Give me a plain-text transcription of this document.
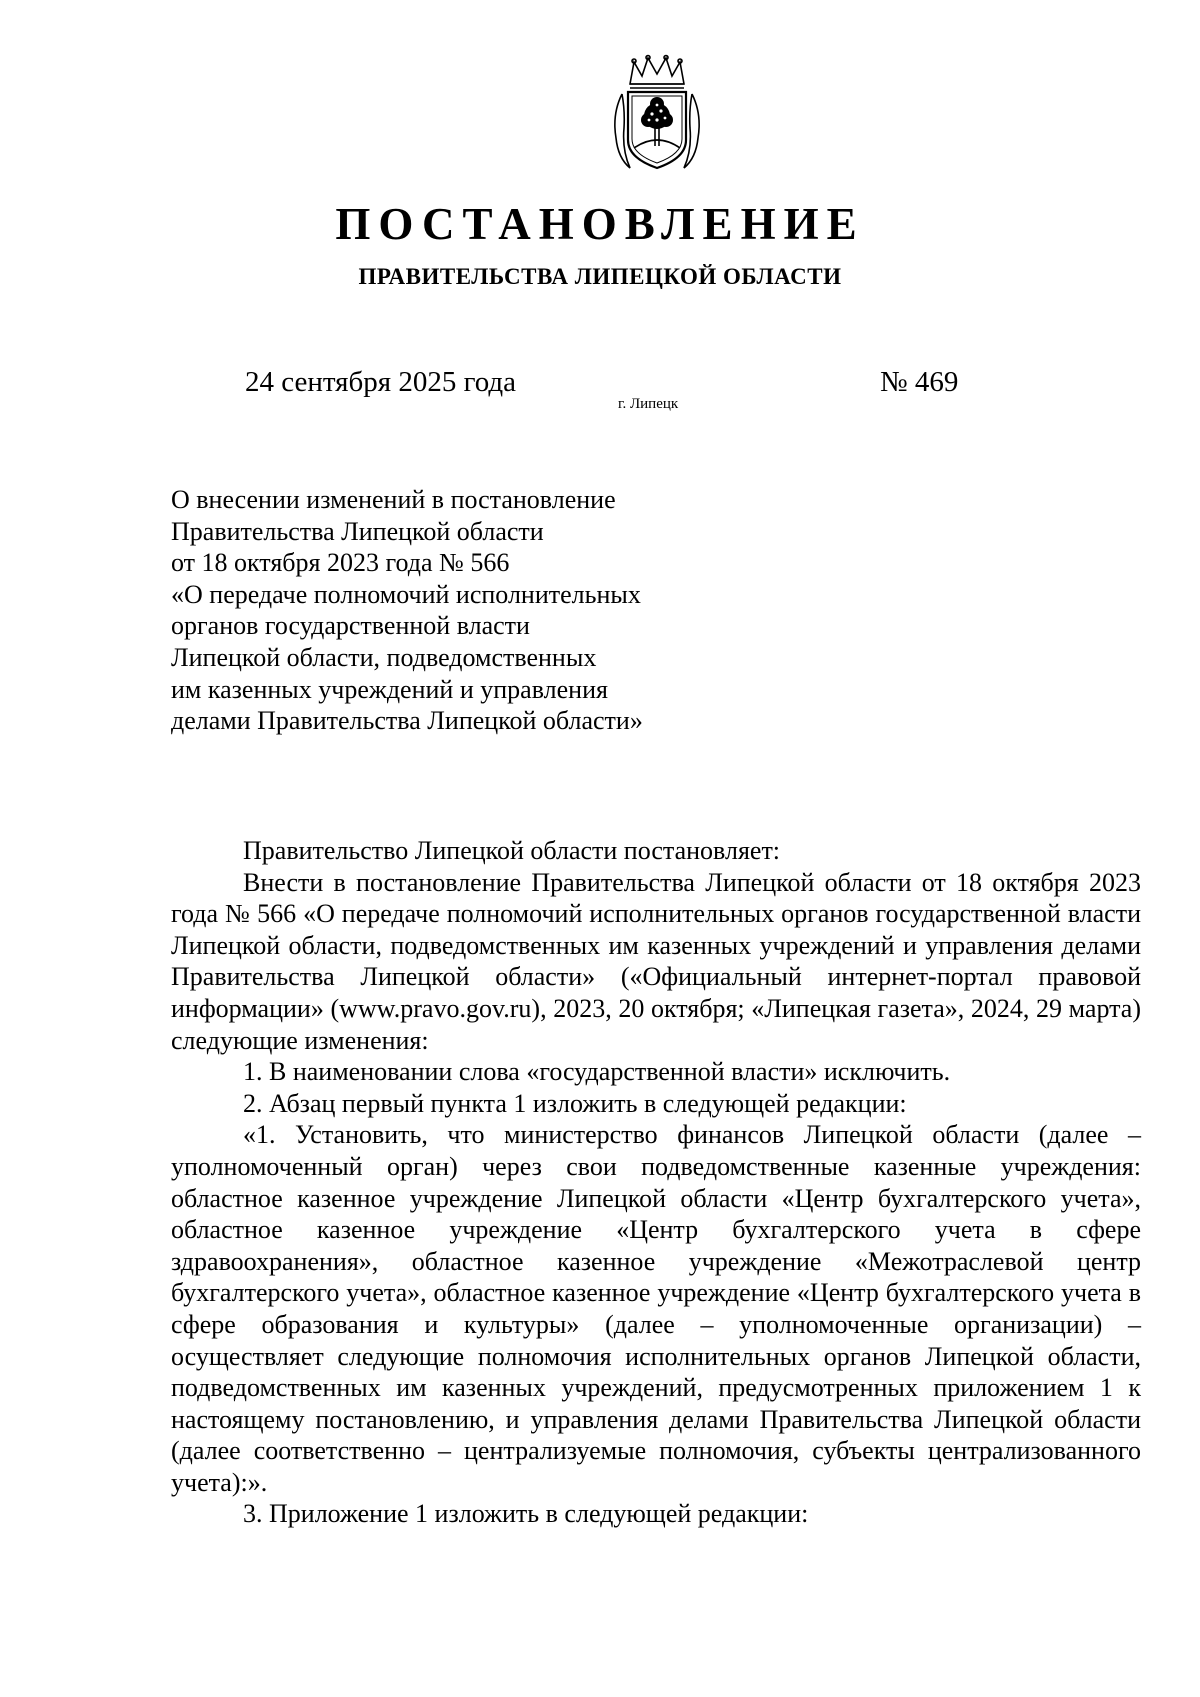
ПОСТАНОВЛЕНИЕ
ПРАВИТЕЛЬСТВА ЛИПЕЦКОЙ ОБЛАСТИ
24 сентября 2025 года
г. Липецк
№ 469
О внесении изменений в постановление
Правительства Липецкой области
от 18 октября 2023 года № 566
«О передаче полномочий исполнительных
органов государственной власти
Липецкой области, подведомственных
им казенных учреждений и управления
делами Правительства Липецкой области»

Правительство Липецкой области постановляет:

Внести в постановление Правительства Липецкой области от 18 октября 2023 года № 566 «О передаче полномочий исполнительных органов государственной власти Липецкой области, подведомственных им казенных учреждений и управления делами Правительства Липецкой области» («Официальный интернет-портал правовой информации» (www.pravo.gov.ru), 2023, 20 октября; «Липецкая газета», 2024, 29 марта) следующие изменения:

1. В наименовании слова «государственной власти» исключить.

2. Абзац первый пункта 1 изложить в следующей редакции:

«1. Установить, что министерство финансов Липецкой области (далее – уполномоченный орган) через свои подведомственные казенные учреждения: областное казенное учреждение Липецкой области «Центр бухгалтерского учета», областное казенное учреждение «Центр бухгалтерского учета в сфере здравоохранения», областное казенное учреждение «Межотраслевой центр бухгалтерского учета», областное казенное учреждение «Центр бухгалтерского учета в сфере образования и культуры» (далее – уполномоченные организации) – осуществляет следующие полномочия исполнительных органов Липецкой области, подведомственных им казенных учреждений, предусмотренных приложением 1 к настоящему постановлению, и управления делами Правительства Липецкой области (далее соответственно – централизуемые полномочия, субъекты централизованного учета):».

3. Приложение 1 изложить в следующей редакции:
